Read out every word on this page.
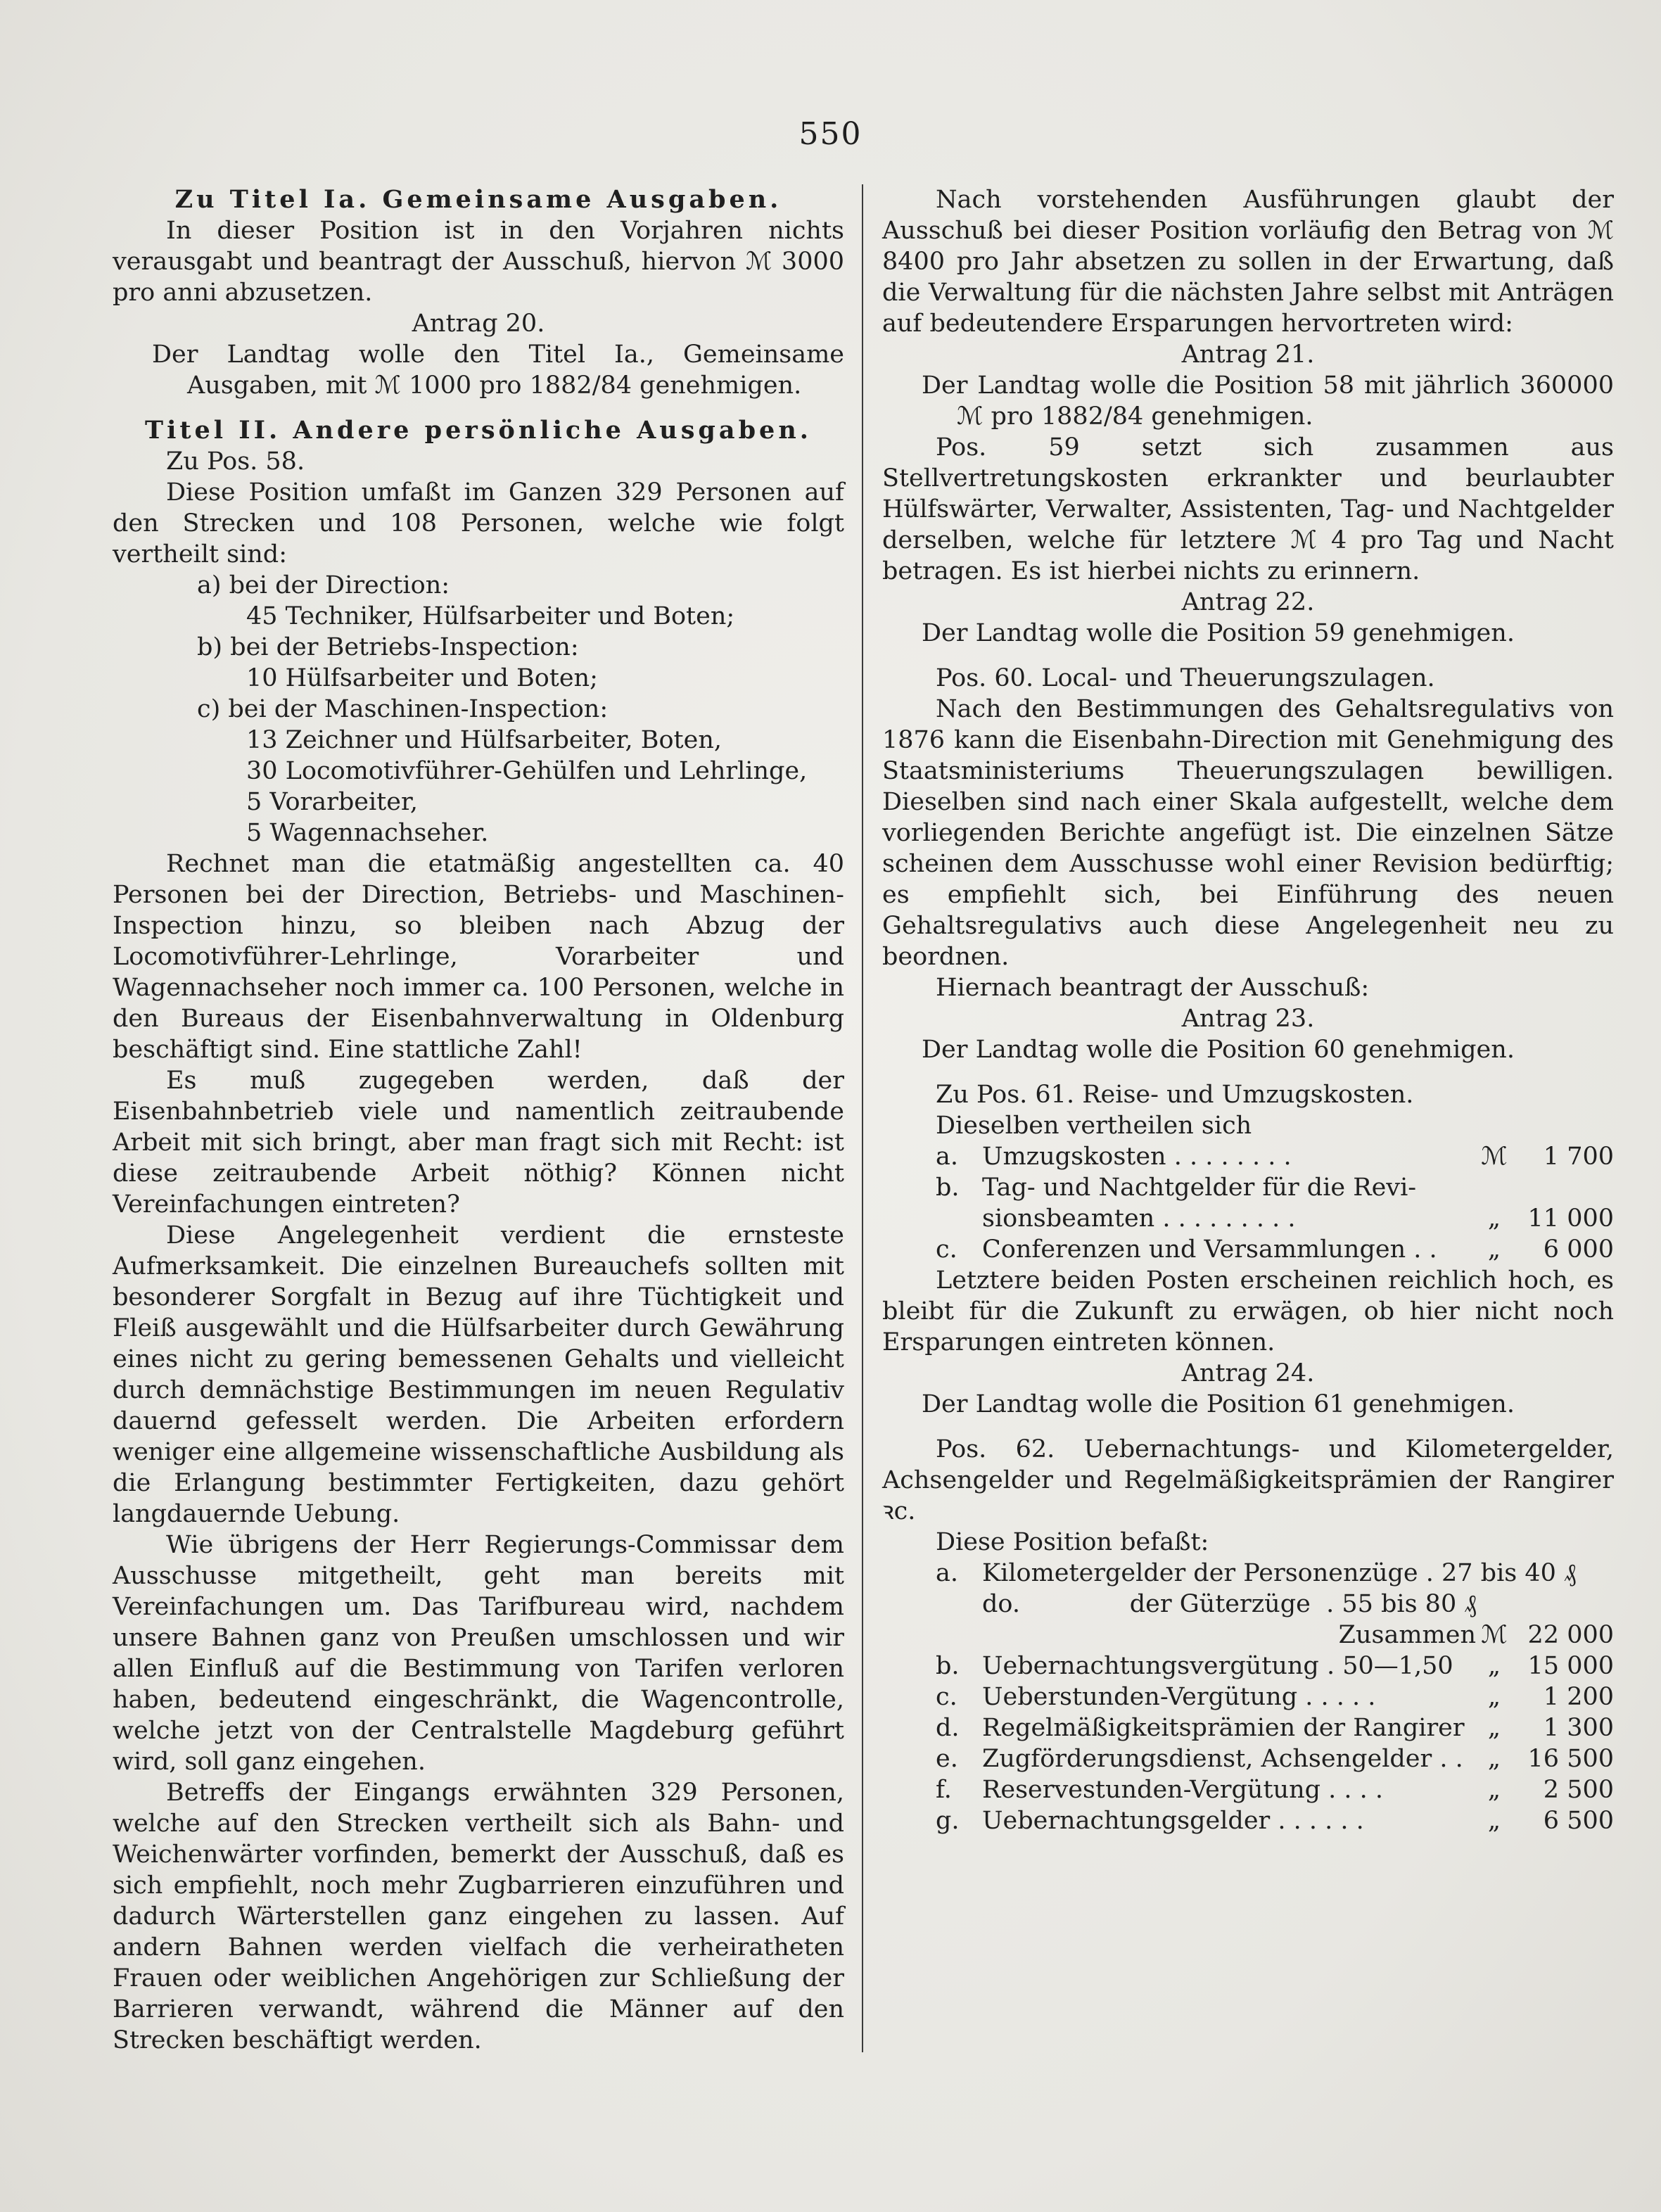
550

Zu Titel Ia. Gemeinsame Ausgaben.

In dieser Position ist in den Vorjahren nichts verausgabt und beantragt der Ausschuß, hiervon ℳ 3000 pro anni abzusetzen.

Antrag 20.

Der Landtag wolle den Titel Ia., Gemeinsame Ausgaben, mit ℳ 1000 pro 1882/84 genehmigen.

Titel II. Andere persönliche Ausgaben.

Zu Pos. 58.

Diese Position umfaßt im Ganzen 329 Personen auf den Strecken und 108 Personen, welche wie folgt vertheilt sind:

a) bei der Direction:

45 Techniker, Hülfsarbeiter und Boten;

b) bei der Betriebs-Inspection:

10 Hülfsarbeiter und Boten;

c) bei der Maschinen-Inspection:

13 Zeichner und Hülfsarbeiter, Boten,

30 Locomotivführer-Gehülfen und Lehrlinge,

5 Vorarbeiter,

5 Wagennachseher.

Rechnet man die etatmäßig angestellten ca. 40 Personen bei der Direction, Betriebs- und Maschinen-Inspection hinzu, so bleiben nach Abzug der Locomotivführer-Lehrlinge, Vorarbeiter und Wagennachseher noch immer ca. 100 Personen, welche in den Bureaus der Eisenbahnverwaltung in Oldenburg beschäftigt sind. Eine stattliche Zahl!

Es muß zugegeben werden, daß der Eisenbahnbetrieb viele und namentlich zeitraubende Arbeit mit sich bringt, aber man fragt sich mit Recht: ist diese zeitraubende Arbeit nöthig? Können nicht Vereinfachungen eintreten?

Diese Angelegenheit verdient die ernsteste Aufmerksamkeit. Die einzelnen Bureauchefs sollten mit besonderer Sorgfalt in Bezug auf ihre Tüchtigkeit und Fleiß ausgewählt und die Hülfsarbeiter durch Gewährung eines nicht zu gering bemessenen Gehalts und vielleicht durch demnächstige Bestimmungen im neuen Regulativ dauernd gefesselt werden. Die Arbeiten erfordern weniger eine allgemeine wissenschaftliche Ausbildung als die Erlangung bestimmter Fertigkeiten, dazu gehört langdauernde Uebung.

Wie übrigens der Herr Regierungs-Commissar dem Ausschusse mitgetheilt, geht man bereits mit Vereinfachungen um. Das Tarifbureau wird, nachdem unsere Bahnen ganz von Preußen umschlossen und wir allen Einfluß auf die Bestimmung von Tarifen verloren haben, bedeutend eingeschränkt, die Wagencontrolle, welche jetzt von der Centralstelle Magdeburg geführt wird, soll ganz eingehen.

Betreffs der Eingangs erwähnten 329 Personen, welche auf den Strecken vertheilt sich als Bahn- und Weichenwärter vorfinden, bemerkt der Ausschuß, daß es sich empfiehlt, noch mehr Zugbarrieren einzuführen und dadurch Wärterstellen ganz eingehen zu lassen. Auf andern Bahnen werden vielfach die verheiratheten Frauen oder weiblichen Angehörigen zur Schließung der Barrieren verwandt, während die Männer auf den Strecken beschäftigt werden.

Nach vorstehenden Ausführungen glaubt der Ausschuß bei dieser Position vorläufig den Betrag von ℳ 8400 pro Jahr absetzen zu sollen in der Erwartung, daß die Verwaltung für die nächsten Jahre selbst mit Anträgen auf bedeutendere Ersparungen hervortreten wird:

Antrag 21.

Der Landtag wolle die Position 58 mit jährlich 360000 ℳ pro 1882/84 genehmigen.

Pos. 59 setzt sich zusammen aus Stellvertretungskosten erkrankter und beurlaubter Hülfswärter, Verwalter, Assistenten, Tag- und Nachtgelder derselben, welche für letztere ℳ 4 pro Tag und Nacht betragen. Es ist hierbei nichts zu erinnern.

Antrag 22.

Der Landtag wolle die Position 59 genehmigen.

Pos. 60. Local- und Theuerungszulagen.

Nach den Bestimmungen des Gehaltsregulativs von 1876 kann die Eisenbahn-Direction mit Genehmigung des Staatsministeriums Theuerungszulagen bewilligen. Dieselben sind nach einer Skala aufgestellt, welche dem vorliegenden Berichte angefügt ist. Die einzelnen Sätze scheinen dem Ausschusse wohl einer Revision bedürftig; es empfiehlt sich, bei Einführung des neuen Gehaltsregulativs auch diese Angelegenheit neu zu beordnen.

Hiernach beantragt der Ausschuß:

Antrag 23.

Der Landtag wolle die Position 60 genehmigen.

Zu Pos. 61. Reise- und Umzugskosten.

Dieselben vertheilen sich

a. Umzugskosten . . . . . . . .	ℳ	1 700
b. Tag- und Nachtgelder für die Revi-
sionsbeamten . . . . . . . . .	„	11 000
c.	Conferenzen und Versammlungen . .	„	6 000

Letztere beiden Posten erscheinen reichlich hoch, es bleibt für die Zukunft zu erwägen, ob hier nicht noch Ersparungen eintreten können.

Antrag 24.

Der Landtag wolle die Position 61 genehmigen.

Pos. 62. Uebernachtungs- und Kilometergelder, Achsengelder und Regelmäßigkeitsprämien der Rangirer ꝛc.

Diese Position befaßt:

a. Kilometergelder der Personenzüge . 27 bis 40 ₰
do.              der Güterzüge  . 55 bis 80 ₰
Zusammen ℳ 22 000
b. Uebernachtungsvergütung . 50—1,50	„	15 000
c.	Ueberstunden-Vergütung . . . . .	„	1 200
d. Regelmäßigkeitsprämien der Rangirer „	1 300
e. Zugförderungsdienst, Achsengelder . .	„	16 500
f.	Reservestunden-Vergütung . . . .	„	2 500
g. Uebernachtungsgelder . . . . . .	„	6 500
